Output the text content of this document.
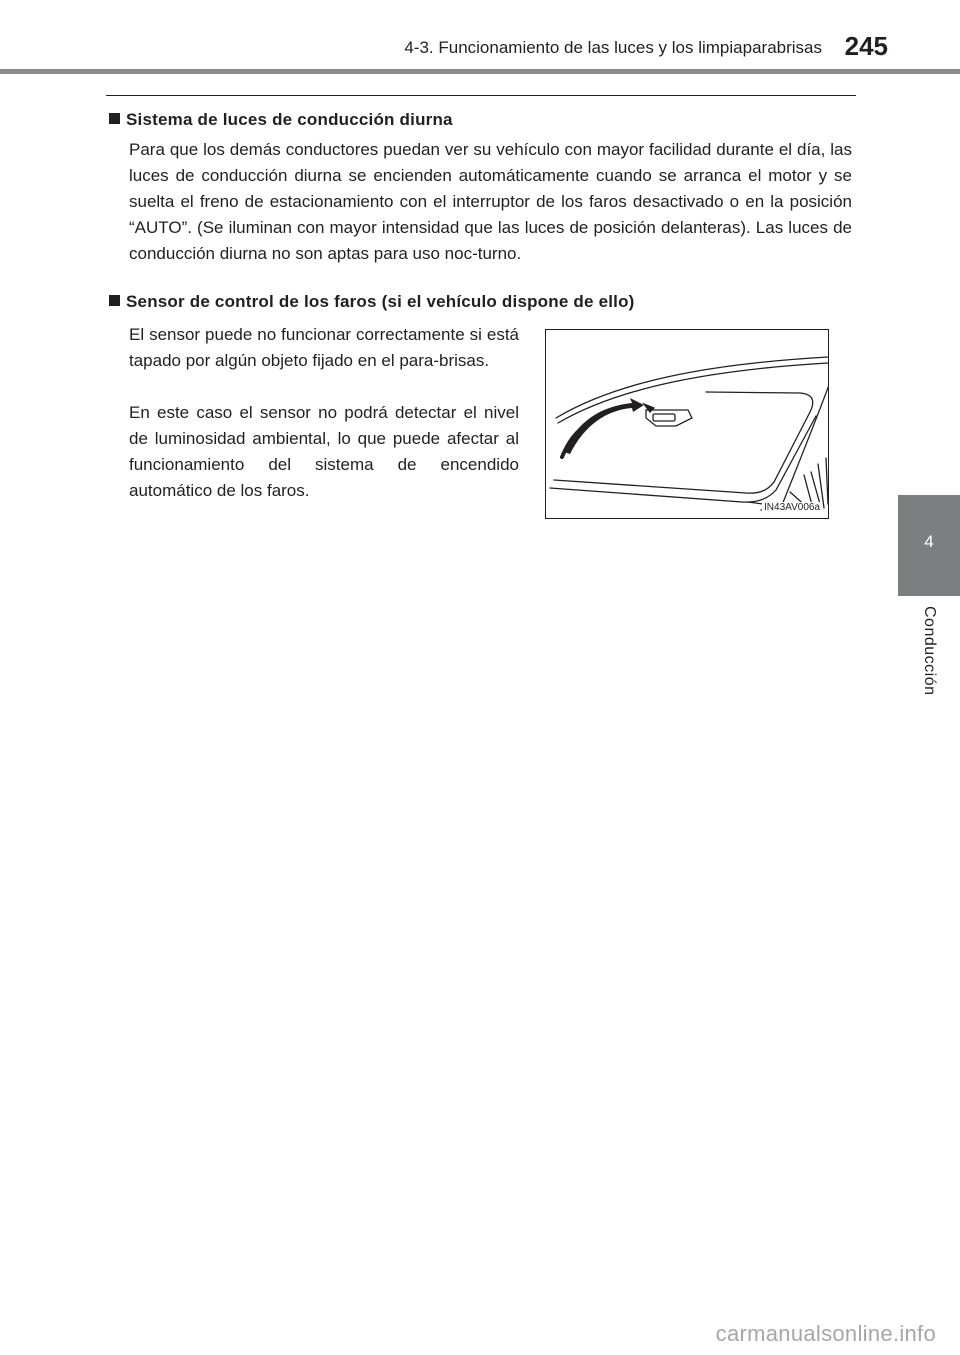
4-3. Funcionamiento de las luces y los limpiaparabrisas 245
4
Conducción
Sistema de luces de conducción diurna
Para que los demás conductores puedan ver su vehículo con mayor facilidad durante el día, las luces de conducción diurna se encienden automáticamente cuando se arranca el motor y se suelta el freno de estacionamiento con el interruptor de los faros desactivado o en la posición “AUTO”. (Se iluminan con mayor intensidad que las luces de posición delanteras). Las luces de conducción diurna no son aptas para uso noc-turno.
Sensor de control de los faros (si el vehículo dispone de ello)
El sensor puede no funcionar correctamente si está tapado por algún objeto fijado en el para-brisas.
En este caso el sensor no podrá detectar el nivel de luminosidad ambiental, lo que puede afectar al funcionamiento del sistema de encendido automático de los faros.
IN43AV006a
carmanualsonline.info
